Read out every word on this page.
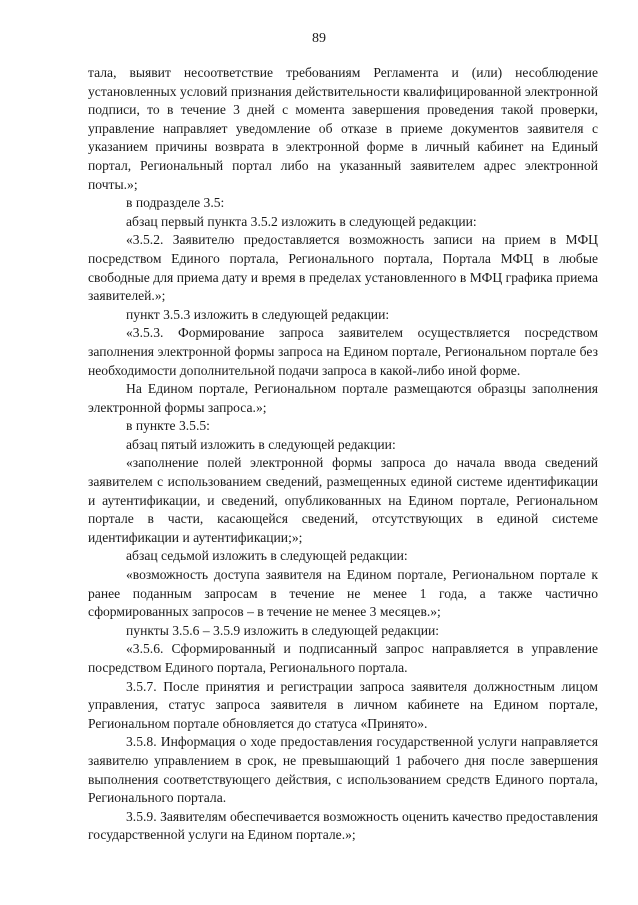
89

тала, выявит несоответствие требованиям Регламента и (или) несоблюдение установленных условий признания действительности квалифицированной электронной подписи, то в течение 3 дней с момента завершения проведения такой проверки, управление направляет уведомление об отказе в приеме документов заявителя с указанием причины возврата в электронной форме в личный кабинет на Единый портал, Региональный портал либо на указанный заявителем адрес электронной почты.»;

в подразделе 3.5:

абзац первый пункта 3.5.2 изложить в следующей редакции:

«3.5.2. Заявителю предоставляется возможность записи на прием в МФЦ посредством Единого портала, Регионального портала, Портала МФЦ в любые свободные для приема дату и время в пределах установленного в МФЦ графика приема заявителей.»;

пункт 3.5.3 изложить в следующей редакции:

«3.5.3. Формирование запроса заявителем осуществляется посредством заполнения электронной формы запроса на Едином портале, Региональном портале без необходимости дополнительной подачи запроса в какой-либо иной форме.

На Едином портале, Региональном портале размещаются образцы заполнения электронной формы запроса.»;

в пункте 3.5.5:

абзац пятый изложить в следующей редакции:

«заполнение полей электронной формы запроса до начала ввода сведений заявителем с использованием сведений, размещенных единой системе идентификации и аутентификации, и сведений, опубликованных на Едином портале, Региональном портале в части, касающейся сведений, отсутствующих в единой системе идентификации и аутентификации;»;

абзац седьмой изложить в следующей редакции:

«возможность доступа заявителя на Едином портале, Региональном портале к ранее поданным запросам в течение не менее 1 года, а также частично сформированных запросов – в течение не менее 3 месяцев.»;

пункты 3.5.6 – 3.5.9 изложить в следующей редакции:

«3.5.6. Сформированный и подписанный запрос направляется в управление посредством Единого портала, Регионального портала.

3.5.7. После принятия и регистрации запроса заявителя должностным лицом управления, статус запроса заявителя в личном кабинете на Едином портале, Региональном портале обновляется до статуса «Принято».

3.5.8. Информация о ходе предоставления государственной услуги направляется заявителю управлением в срок, не превышающий 1 рабочего дня после завершения выполнения соответствующего действия, с использованием средств Единого портала, Регионального портала.

3.5.9. Заявителям обеспечивается возможность оценить качество предоставления государственной услуги на Едином портале.»;
